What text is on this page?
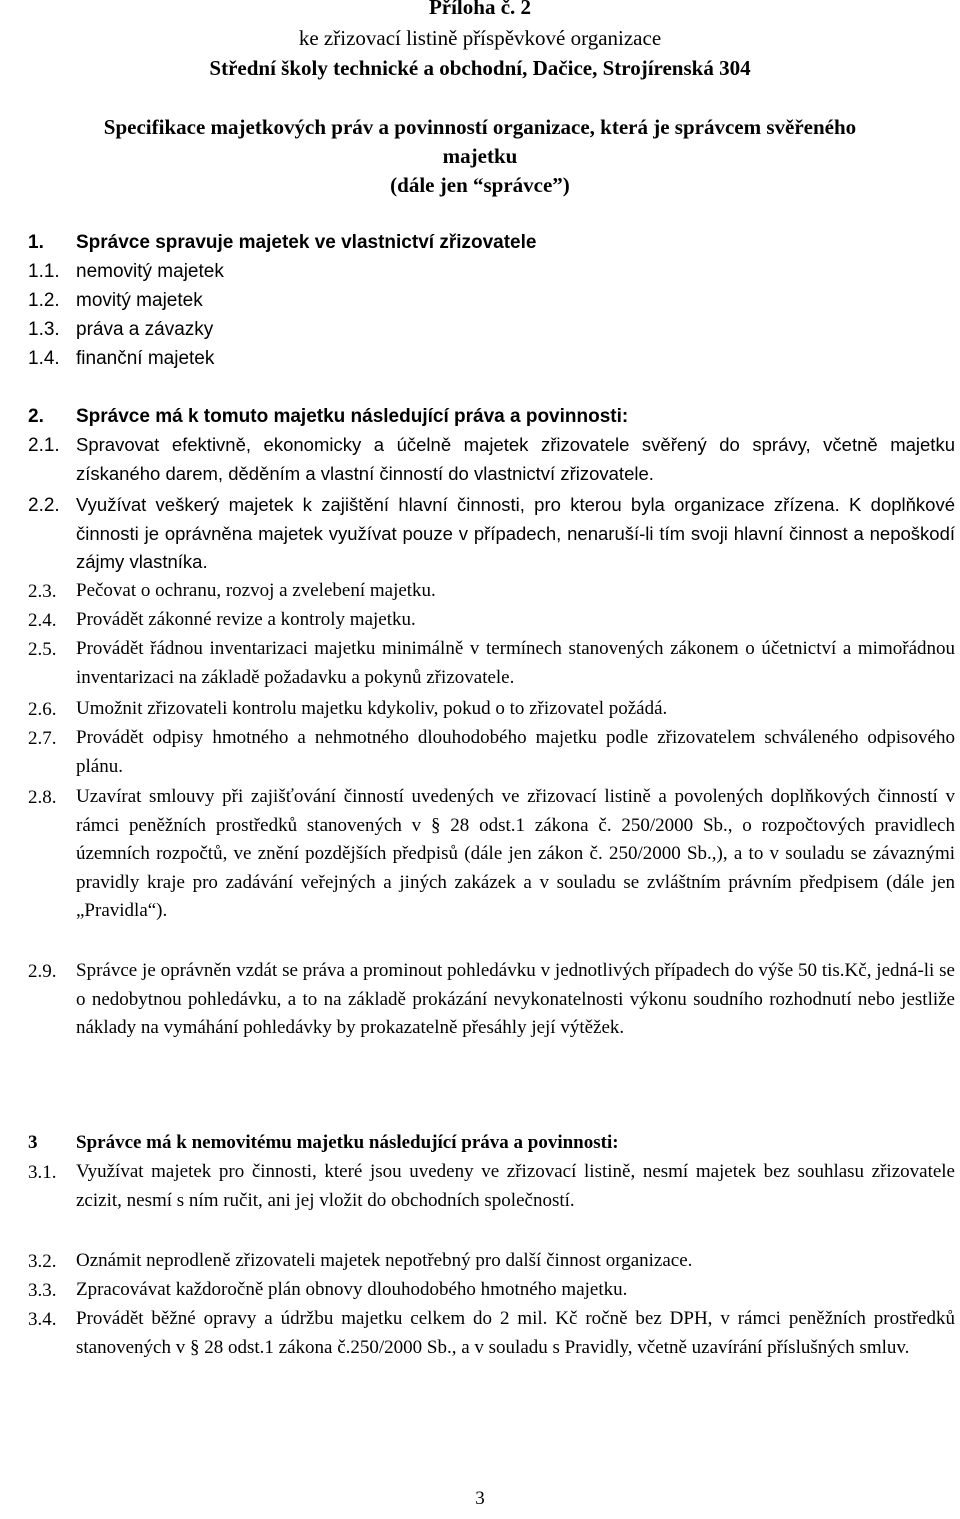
Příloha č. 2
ke zřizovací listině příspěvkové organizace
Střední školy technické a obchodní, Dačice, Strojírenská 304
Specifikace majetkových práv a povinností organizace, která je správcem svěřeného
majetku
(dále jen “správce”)
1. Správce spravuje majetek ve vlastnictví zřizovatele
1.1. nemovitý majetek
1.2. movitý majetek
1.3. práva a závazky
1.4. finanční majetek
2. Správce má k tomuto majetku následující práva a povinnosti:
2.1. Spravovat efektivně, ekonomicky a účelně majetek zřizovatele svěřený do správy, včetně majetku získaného darem, děděním a vlastní činností do vlastnictví zřizovatele.
2.2. Využívat veškerý majetek k zajištění hlavní činnosti, pro kterou byla organizace zřízena. K doplňkové činnosti je oprávněna majetek využívat pouze v případech, nenaruší-li tím svoji hlavní činnost a nepoškodí zájmy vlastníka.
2.3. Pečovat o ochranu, rozvoj a zvelebení majetku.
2.4. Provádět zákonné revize a kontroly majetku.
2.5. Provádět řádnou inventarizaci majetku minimálně v termínech stanovených zákonem o účetnictví a mimořádnou inventarizaci na základě požadavku a pokynů zřizovatele.
2.6. Umožnit zřizovateli kontrolu majetku kdykoliv, pokud o to zřizovatel požádá.
2.7. Provádět odpisy hmotného a nehmotného dlouhodobého majetku podle zřizovatelem schváleného odpisového plánu.
2.8. Uzavírat smlouvy při zajišťování činností uvedených ve zřizovací listině a povolených doplňkových činností v rámci peněžních prostředků stanovených v § 28 odst.1 zákona č. 250/2000 Sb., o rozpočtových pravidlech územních rozpočtů, ve znění pozdějších předpisů (dále jen zákon č. 250/2000 Sb.,), a to v souladu se závaznými pravidly kraje pro zadávání veřejných a jiných zakázek a v souladu se zvláštním právním předpisem (dále jen „Pravidla“).
2.9. Správce je oprávněn vzdát se práva a prominout pohledávku v jednotlivých případech do výše 50 tis.Kč, jedná-li se o nedobytnou pohledávku, a to na základě prokázání nevykonatelnosti výkonu soudního rozhodnutí nebo jestliže náklady na vymáhání pohledávky by prokazatelně přesáhly její výtěžek.
3 Správce má k nemovitému majetku následující práva a povinnosti:
3.1. Využívat majetek pro činnosti, které jsou uvedeny ve zřizovací listině, nesmí majetek bez souhlasu zřizovatele zcizit, nesmí s ním ručit, ani jej vložit do obchodních společností.
3.2. Oznámit neprodleně zřizovateli majetek nepotřebný pro další činnost organizace.
3.3. Zpracovávat každoročně plán obnovy dlouhodobého hmotného majetku.
3.4. Provádět běžné opravy a údržbu majetku celkem do 2 mil. Kč ročně bez DPH, v rámci peněžních prostředků stanovených v § 28 odst.1 zákona č.250/2000 Sb., a v souladu s Pravidly, včetně uzavírání příslušných smluv.
3
